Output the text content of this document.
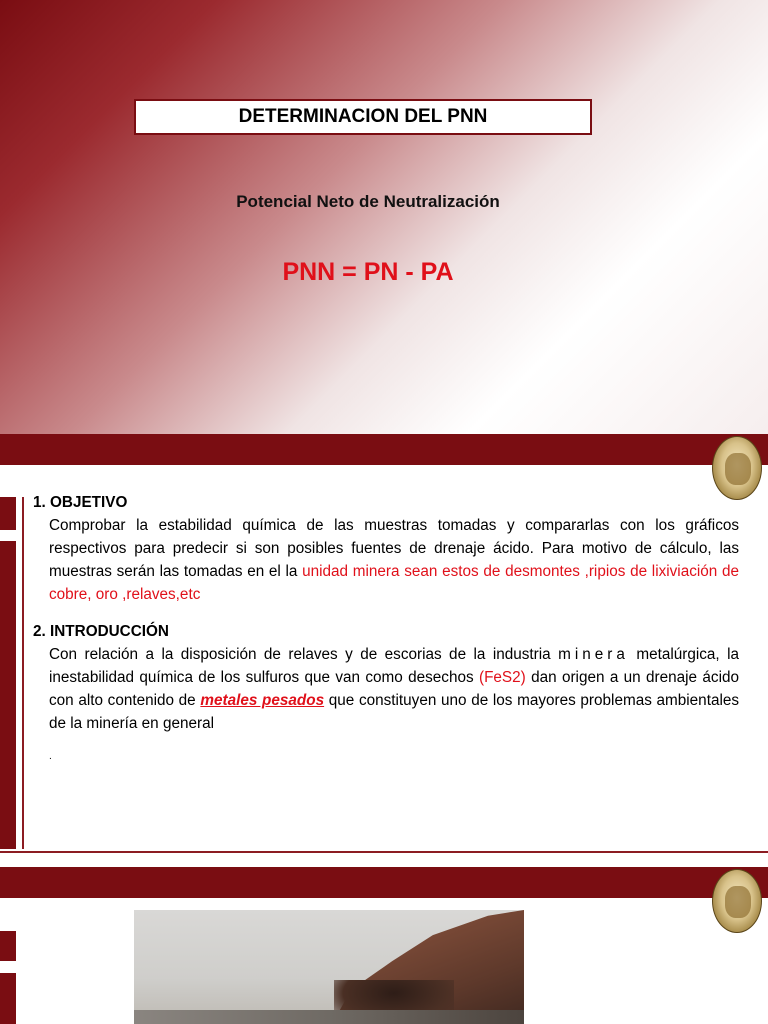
DETERMINACION DEL PNN
Potencial Neto de Neutralización
PNN = PN - PA
1. OBJETIVO
Comprobar la estabilidad química de las muestras tomadas y compararlas con los gráficos respectivos para predecir si son posibles fuentes de drenaje ácido. Para motivo de cálculo, las muestras serán las tomadas en el la unidad minera sean estos de desmontes ,ripios de lixiviación de cobre, oro ,relaves,etc
2. INTRODUCCIÓN
Con relación a la disposición de relaves y de escorias de la industria minera metalúrgica, la inestabilidad química de los sulfuros que van como desechos (FeS2) dan origen a un drenaje ácido con alto contenido de metales pesados que constituyen uno de los mayores problemas ambientales de la minería en general
.
